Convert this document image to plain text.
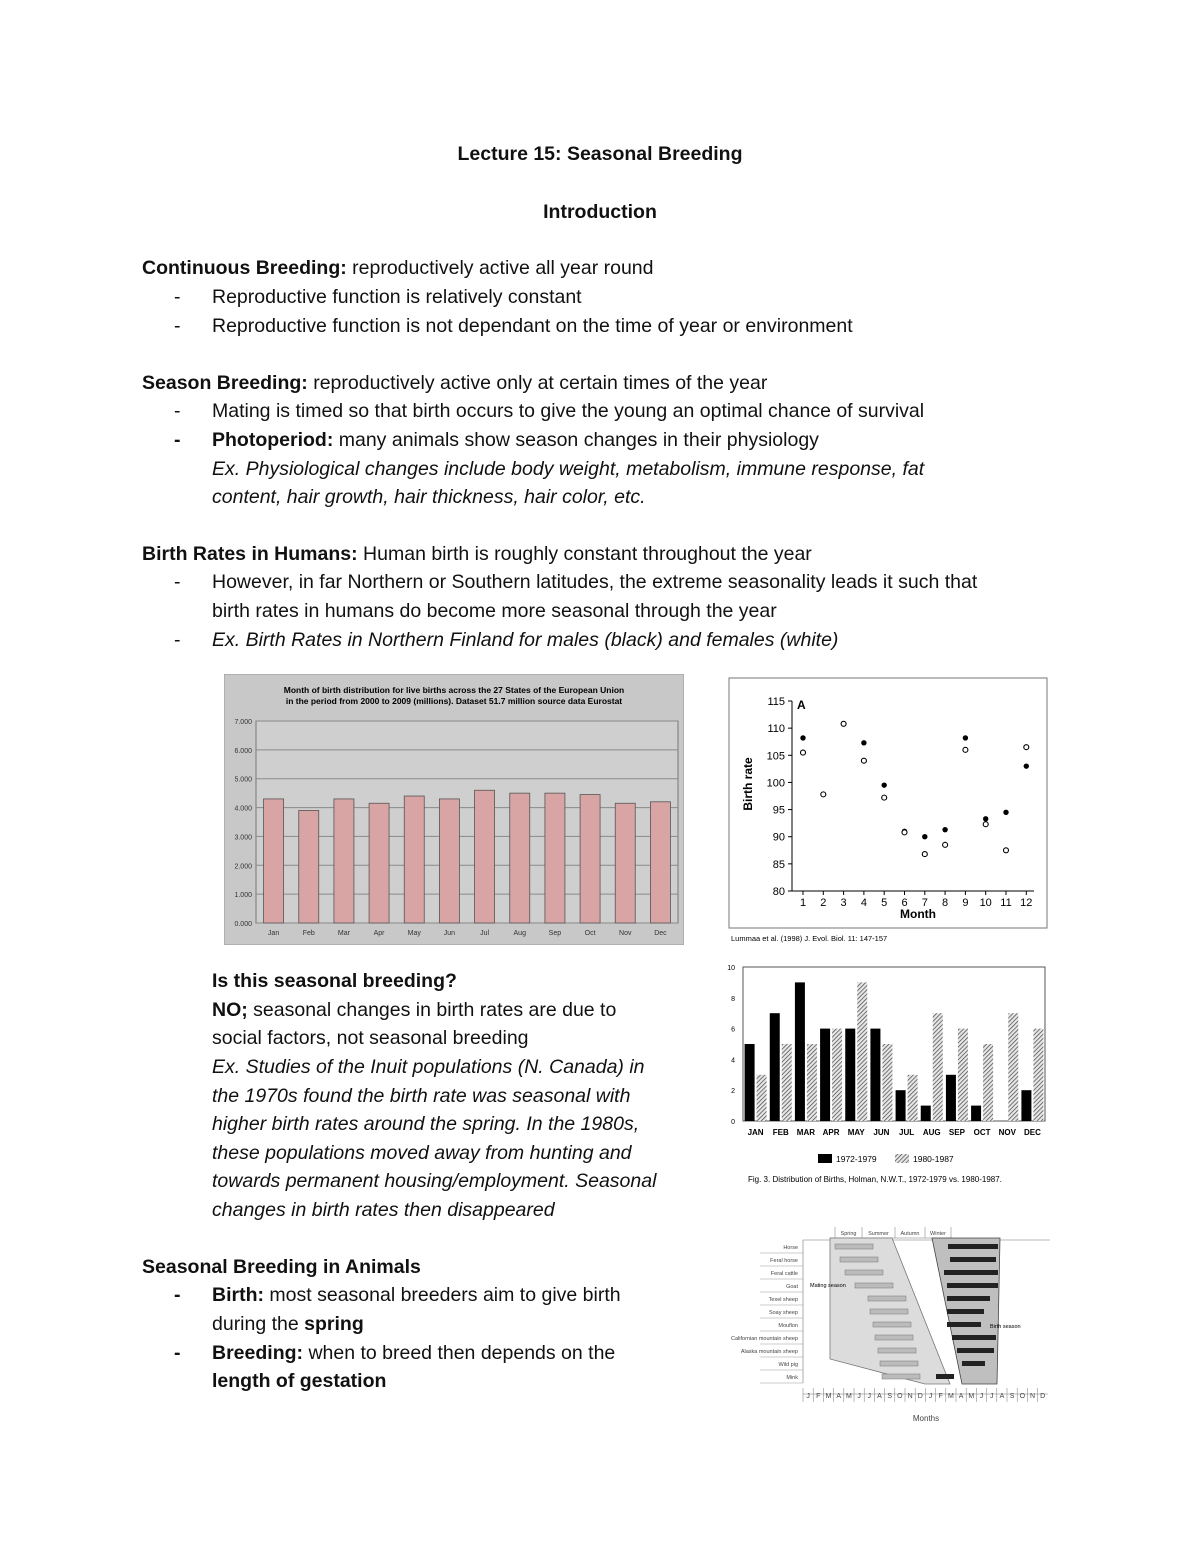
Lecture 15: Seasonal Breeding
Introduction
Continuous Breeding: reproductively active all year round
- Reproductive function is relatively constant
- Reproductive function is not dependant on the time of year or environment
Season Breeding: reproductively active only at certain times of the year
- Mating is timed so that birth occurs to give the young an optimal chance of survival
- Photoperiod: many animals show season changes in their physiology
Ex. Physiological changes include body weight, metabolism, immune response, fat
content, hair growth, hair thickness, hair color, etc.
Birth Rates in Humans: Human birth is roughly constant throughout the year
- However, in far Northern or Southern latitudes, the extreme seasonality leads it such that
birth rates in humans do become more seasonal through the year
- Ex. Birth Rates in Northern Finland for males (black) and females (white)
Month of birth distribution for live births across the 27 States of the European Union
in the period from 2000 to 2009 (millions). Dataset 51.7 million source data Eurostat
7.000
6.000
5.000
4.000
3.000
2.000
1.000
0.000
Jan	Feb	Mar	Apr	May	Jun	Jul	Aug	Sep	Oct	Nov	Dec
A
Birth rate
Month
Lummaa et al. (1998) J. Evol. Biol. 11: 147-157
115
110
105
100
95
90
85
80
1 2 3 4 5 6 7 8 9 10 11 12
Is this seasonal breeding?
NO; seasonal changes in birth rates are due to
social factors, not seasonal breeding
Ex. Studies of the Inuit populations (N. Canada) in
the 1970s found the birth rate was seasonal with
higher birth rates around the spring. In the 1980s,
these populations moved away from hunting and
towards permanent housing/employment. Seasonal
changes in birth rates then disappeared
10
8
6
4
2
0
JAN FEB MAR APR MAY JUN JUL AUG SEP OCT NOV DEC
1972-1979	1980-1987
Fig. 3. Distribution of Births, Holman, N.W.T., 1972-1979 vs. 1980-1987.
Seasonal Breeding in Animals
- Birth: most seasonal breeders aim to give birth
during the spring
- Breeding: when to breed then depends on the
length of gestation
Mating season
Birth season
Months
Spring Summer Autumn Winter
Horse
Feral horse
Feral cattle
Goat
Texel sheep
Soay sheep
Mouflon
Californian mountain sheep
Alaska mountain sheep
Wild pig
Mink
J F M A M J J A S O N D J F M A M J J A S O N D
